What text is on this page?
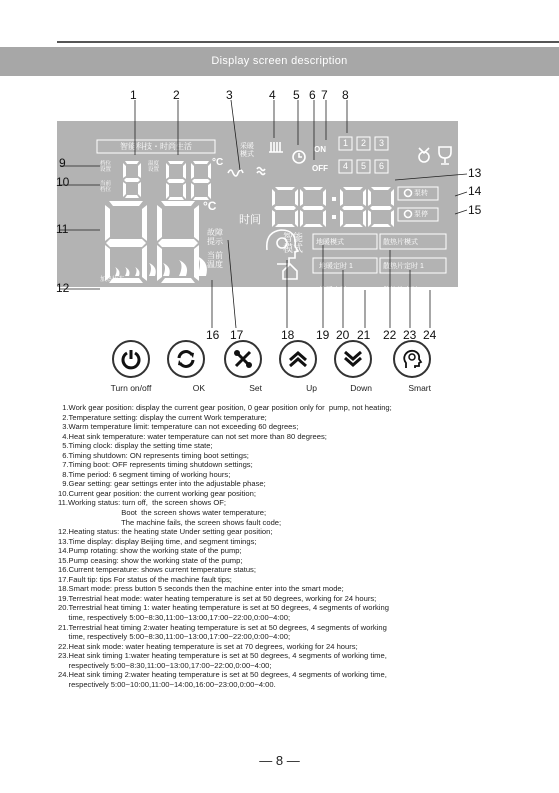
Display screen description
智能科技・时尚生活
档位
设置
温度
设置
当前
档位
加热状态
°C
°C
采暖
模式
ON
OFF
1	2	3
4	5	6
时间
泵转
泵停
故障
提示
当前
温度
智能
模式
地暖模式
地暖定时 1
地暖定时 2
散热片模式
散热片定时 1
散热片定时 2
1	2	3	4 5 6 7 8
9
10
11
12
13
14
15
16 17	18 19 20 21 22 23 24
Turn on/off	OK	Set	Up	Down	Smart
1.Work gear position: display the current gear position, 0 gear position only for  pump, not heating;
2.Temperature setting: display the current Work temperature;
3.Warm temperature limit: temperature can not exceeding 60 degrees;
4.Heat sink temperature: water temperature can not set more than 80 degrees;
5.Timing clock: display the setting time state;
6.Timing shutdown: ON represents timing boot settings;
7.Timing boot: OFF represents timing shutdown settings;
8.Time period: 6 segment timing of working hours;
9.Gear setting: gear settings enter into the adjustable phase;
10.Current gear position: the current working gear position;
11.Working status: turn off,  the screen shows OF;
Boot  the screen shows water temperature;
The machine fails, the screen shows fault code;
12.Heating status: the heating state Under setting gear position;
13.Time display: display Beijing time, and segment timings;
14.Pump rotating: show the working state of the pump;
15.Pump ceasing: show the working state of the pump;
16.Current temperature: shows current temperature status;
17.Fault tip: tips For status of the machine fault tips;
18.Smart mode: press button 5 seconds then the machine enter into the smart mode;
19.Terrestrial heat mode: water heating temperature is set at 50 degrees, working for 24 hours;
20.Terrestrial heat timing 1: water heating temperature is set at 50 degrees, 4 segments of working
time, respectively 5:00~8:30,11:00~13:00,17:00~22:00,0:00~4:00;
21.Terrestrial heat timing 2:water heating temperature is set at 50 degrees, 4 segments of working
time, respectively 5:00~8:30,11:00~13:00,17:00~22:00,0:00~4:00;
22.Heat sink mode: water heating temperature is set at 70 degrees, working for 24 hours;
23.Heat sink timing 1:water heating temperature is set at 50 degrees, 4 segments of working time,
respectively 5:00~8:30,11:00~13:00,17:00~22:00,0:00~4:00;
24.Heat sink timing 2:water heating temperature is set at 50 degrees, 4 segments of working time,
respectively 5:00~10:00,11:00~14:00,16:00~23:00,0:00~4:00.
— 8 —
